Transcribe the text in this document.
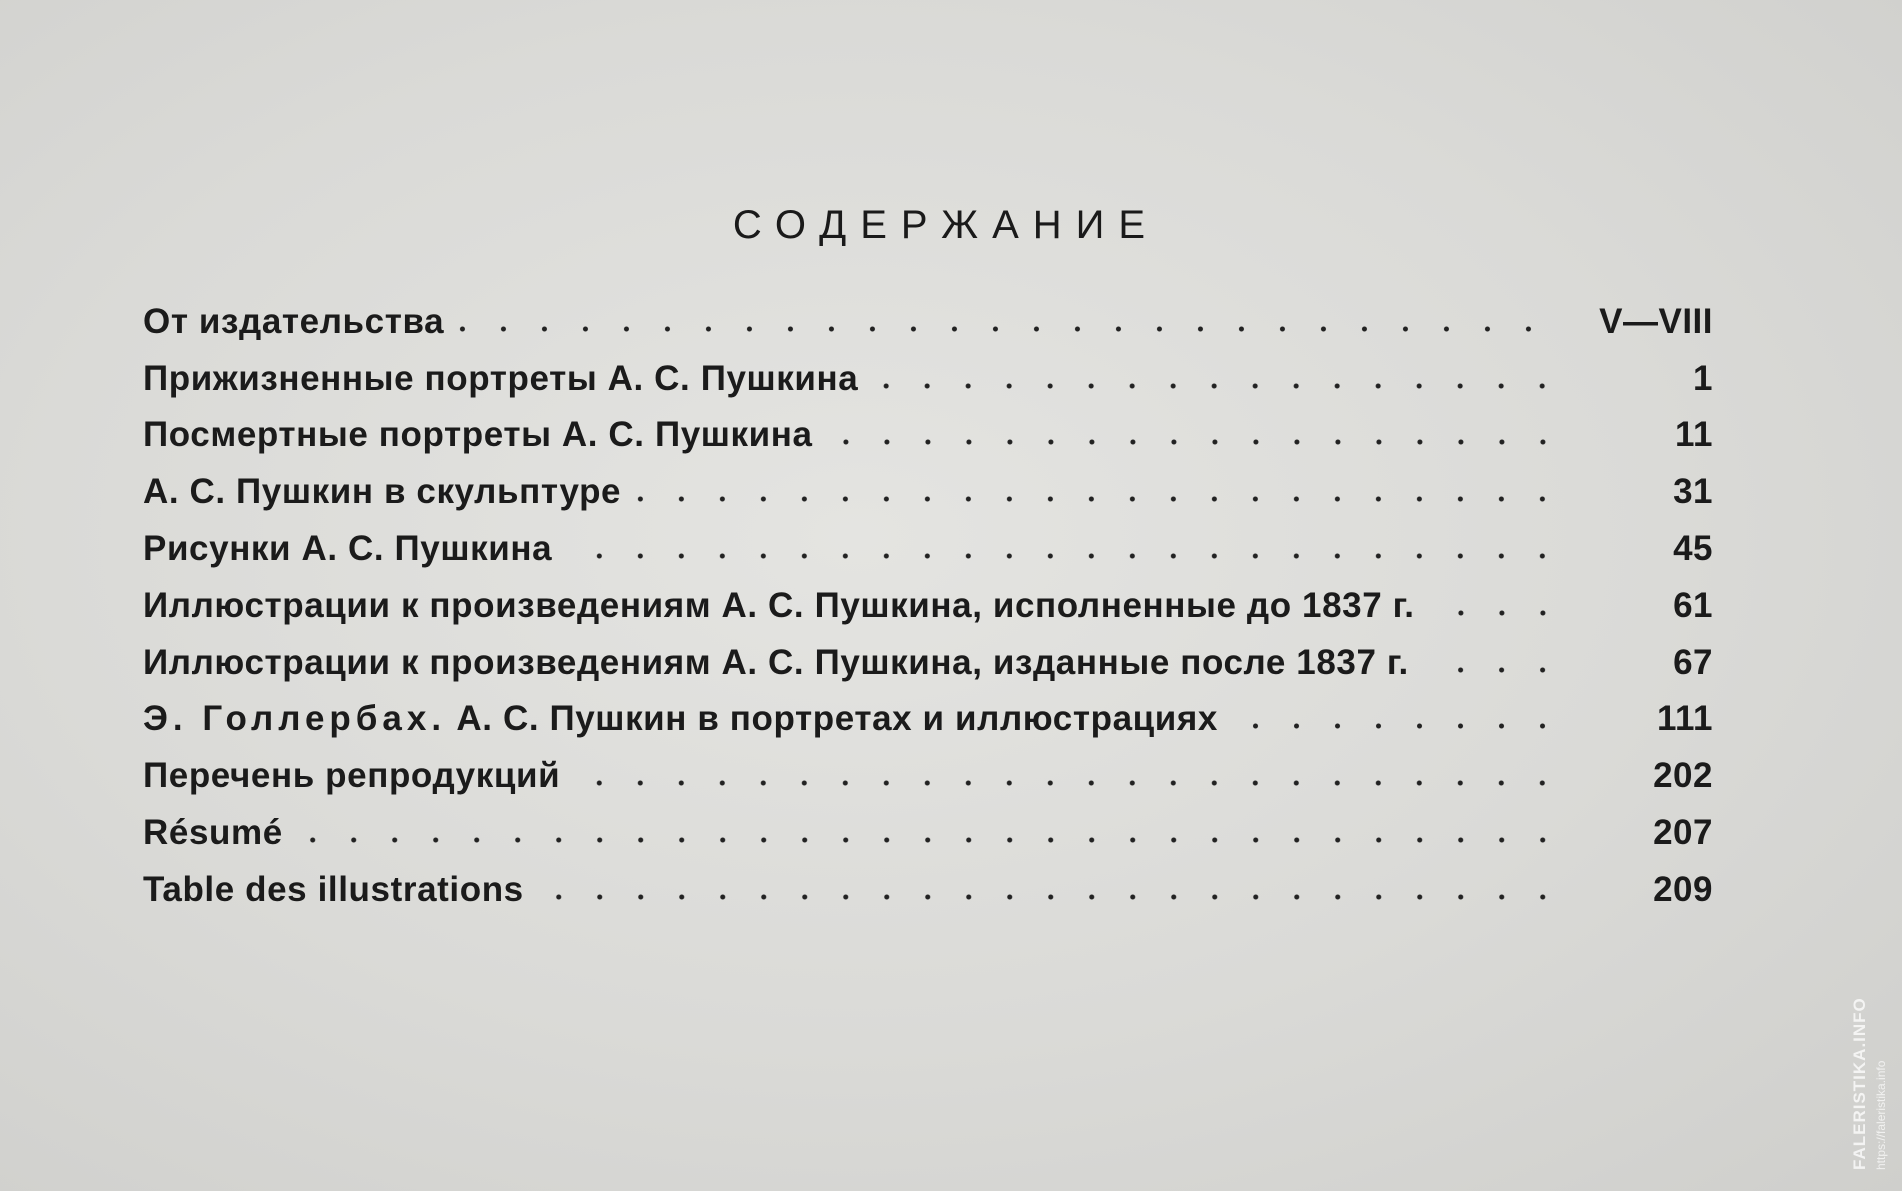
СОДЕРЖАНИЕ
От издательства	V—VIII
Прижизненные портреты А. С. Пушкина	1
Посмертные портреты А. С. Пушкина	11
А. С. Пушкин в скульптуре	31
Рисунки А. С. Пушкина	45
Иллюстрации к произведениям А. С. Пушкина, исполненные до 1837 г.	61
Иллюстрации к произведениям А. С. Пушкина, изданные после 1837 г.	67
Э. Голлербах. А. С. Пушкин в портретах и иллюстрациях	111
Перечень репродукций	202
Résumé	207
Table des illustrations	209
FALERISTIKA.INFO https://faleristika.info
